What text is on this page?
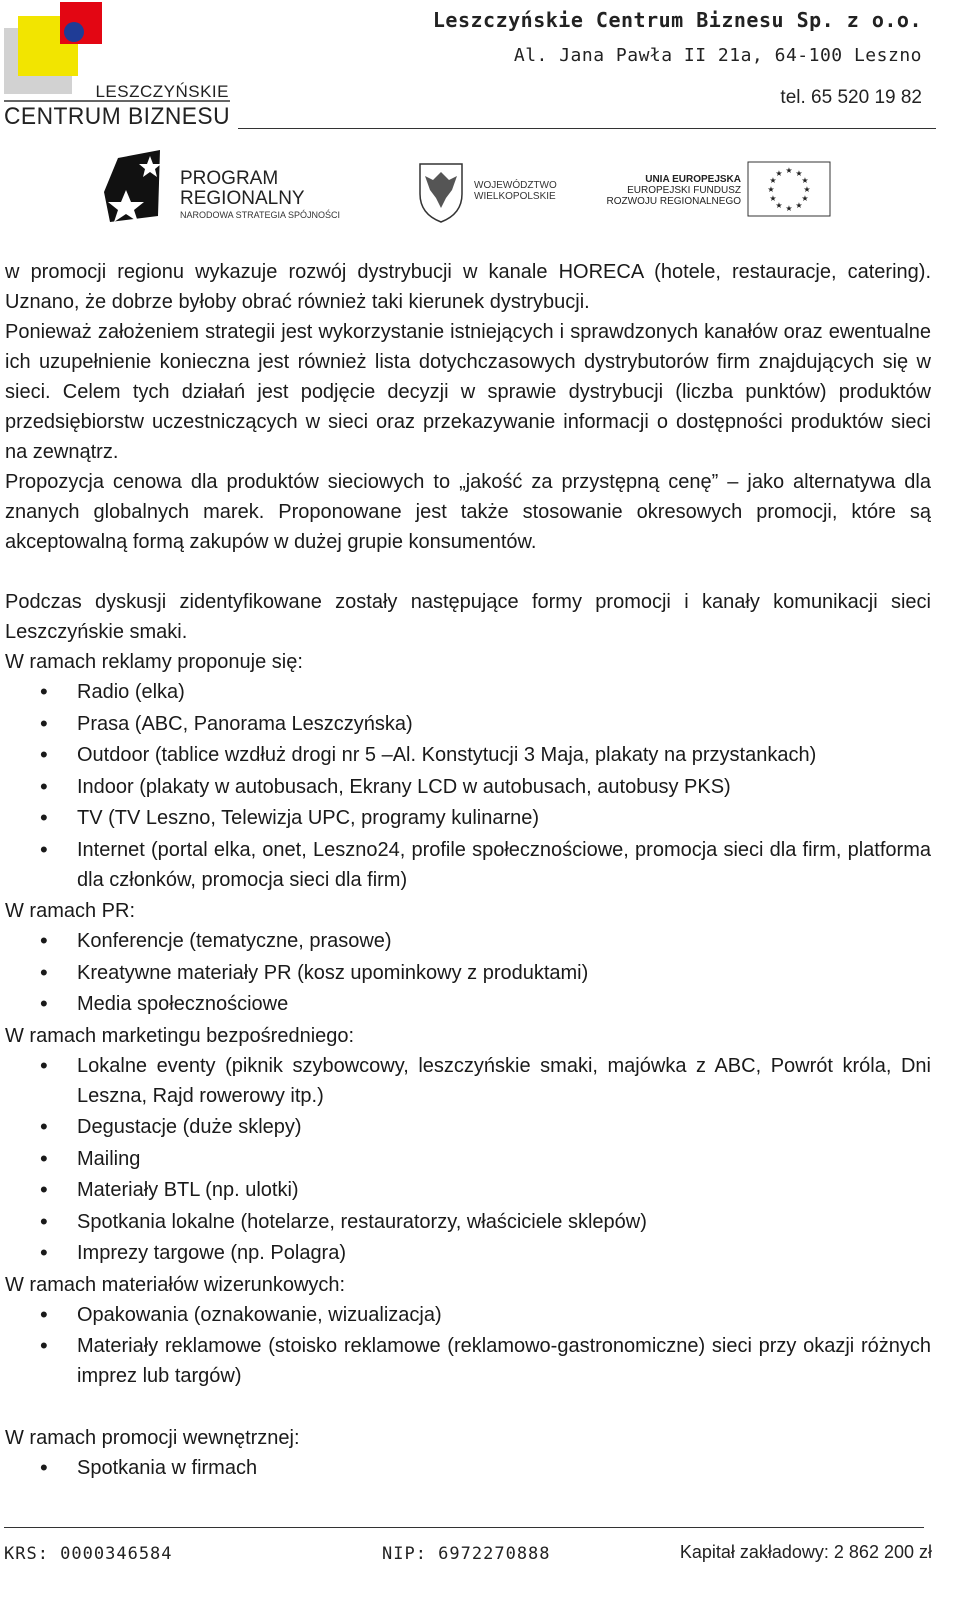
LESZCZYŃSKIE
CENTRUM BIZNESU
Leszczyńskie Centrum Biznesu Sp. z o.o.
Al. Jana Pawła II 21a, 64-100 Leszno
tel. 65 520 19 82
PROGRAM
REGIONALNY
NARODOWA STRATEGIA SPÓJNOŚCI
WOJEWÓDZTWO
WIELKOPOLSKIE
UNIA EUROPEJSKA
EUROPEJSKI FUNDUSZ
ROZWOJU REGIONALNEGO
★ ★
★
★
★
★
★
★
★
★
★
★
w promocji regionu wykazuje rozwój dystrybucji w kanale HORECA (hotele, restauracje, catering). Uznano, że dobrze byłoby obrać również taki kierunek dystrybucji.
Ponieważ założeniem strategii jest wykorzystanie istniejących i sprawdzonych kanałów oraz ewentualne ich uzupełnienie konieczna jest również lista dotychczasowych dystrybutorów firm znajdujących się w sieci. Celem tych działań jest podjęcie decyzji w sprawie dystrybucji (liczba punktów) produktów przedsiębiorstw uczestniczących w sieci oraz przekazywanie informacji o dostępności produktów sieci na zewnątrz.
Propozycja cenowa dla produktów sieciowych to „jakość za przystępną cenę” – jako alternatywa dla znanych globalnych marek. Proponowane jest także stosowanie okresowych promocji, które są akceptowalną formą zakupów w dużej grupie konsumentów.
Podczas dyskusji zidentyfikowane zostały następujące formy promocji i kanały komunikacji sieci Leszczyńskie smaki.
W ramach reklamy proponuje się:
• Radio (elka)
• Prasa (ABC, Panorama Leszczyńska)
• Outdoor (tablice wzdłuż drogi nr 5 –Al. Konstytucji 3 Maja, plakaty na przystankach)
• Indoor (plakaty w autobusach, Ekrany LCD w autobusach, autobusy PKS)
• TV (TV Leszno, Telewizja UPC, programy kulinarne)
• Internet (portal elka, onet, Leszno24, profile społecznościowe, promocja sieci dla firm, platforma dla członków, promocja sieci dla firm)
W ramach PR:
• Konferencje (tematyczne, prasowe)
• Kreatywne materiały PR (kosz upominkowy z produktami)
• Media społecznościowe
W ramach marketingu bezpośredniego:
• Lokalne eventy (piknik szybowcowy, leszczyńskie smaki, majówka z ABC, Powrót króla, Dni Leszna, Rajd rowerowy itp.)
• Degustacje (duże sklepy)
• Mailing
• Materiały BTL (np. ulotki)
• Spotkania lokalne (hotelarze, restauratorzy, właściciele sklepów)
• Imprezy targowe (np. Polagra)
W ramach materiałów wizerunkowych:
• Opakowania (oznakowanie, wizualizacja)
• Materiały reklamowe (stoisko reklamowe (reklamowo-gastronomiczne) sieci przy okazji różnych imprez lub targów)
W ramach promocji wewnętrznej:
• Spotkania w firmach
KRS: 0000346584	NIP: 6972270888	Kapitał zakładowy: 2 862 200 zł
